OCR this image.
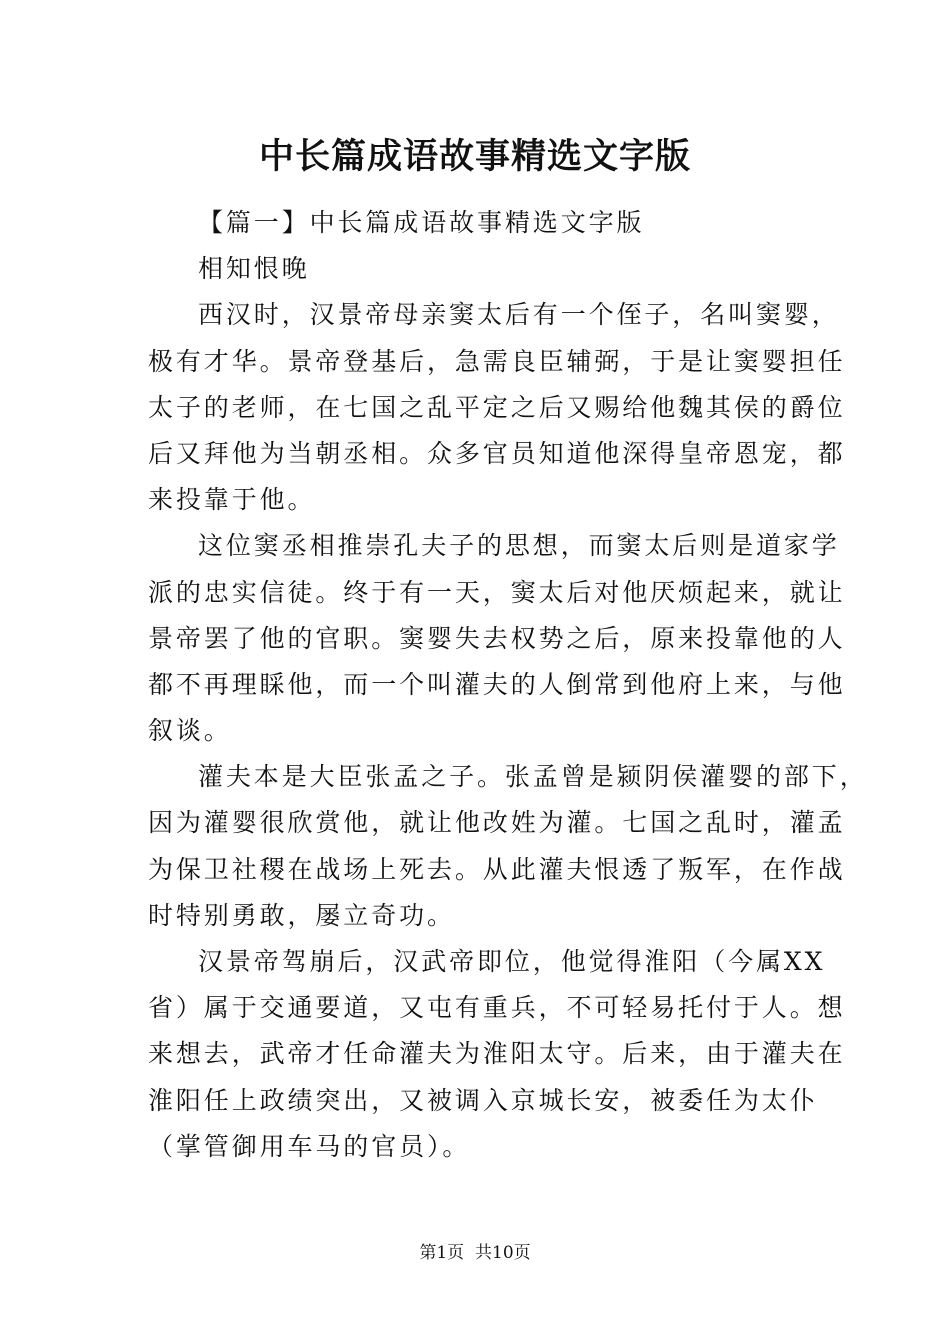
中长篇成语故事精选文字版

【篇一】中长篇成语故事精选文字版

相知恨晚

西汉时，汉景帝母亲窦太后有一个侄子，名叫窦婴，

极有才华。景帝登基后，急需良臣辅弼，于是让窦婴担任

太子的老师，在七国之乱平定之后又赐给他魏其侯的爵位

后又拜他为当朝丞相。众多官员知道他深得皇帝恩宠，都

来投靠于他。

这位窦丞相推崇孔夫子的思想，而窦太后则是道家学

派的忠实信徒。终于有一天，窦太后对他厌烦起来，就让

景帝罢了他的官职。窦婴失去权势之后，原来投靠他的人

都不再理睬他，而一个叫灌夫的人倒常到他府上来，与他

叙谈。

灌夫本是大臣张孟之子。张孟曾是颍阴侯灌婴的部下，

因为灌婴很欣赏他，就让他改姓为灌。七国之乱时，灌孟

为保卫社稷在战场上死去。从此灌夫恨透了叛军，在作战

时特别勇敢，屡立奇功。

汉景帝驾崩后，汉武帝即位，他觉得淮阳（今属XX

省）属于交通要道，又屯有重兵，不可轻易托付于人。想

来想去，武帝才任命灌夫为淮阳太守。后来，由于灌夫在

淮阳任上政绩突出，又被调入京城长安，被委任为太仆

（掌管御用车马的官员）。

第1页 共10页
